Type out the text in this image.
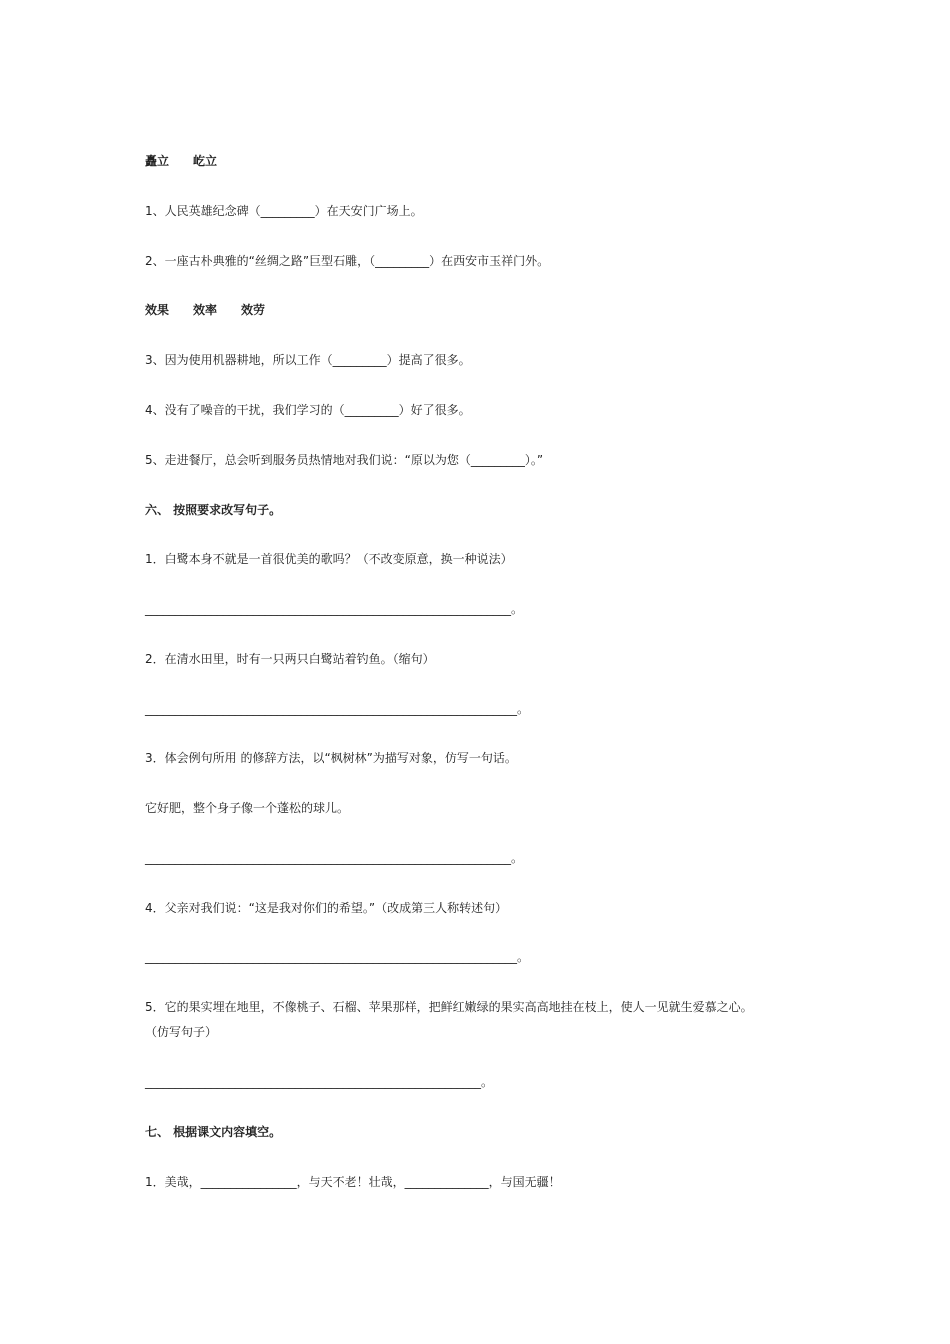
矗立 屹立

1、人民英雄纪念碑（_________）在天安门广场上。

2、一座古朴典雅的“丝绸之路”巨型石雕，（_________）在西安市玉祥门外。

效果 效率 效劳

3、因为使用机器耕地，所以工作（_________）提高了很多。

4、没有了噪音的干扰，我们学习的（_________）好了很多。

5、走进餐厅，总会听到服务员热情地对我们说：“原以为您（_________）。”

六、 按照要求改写句子。

1．白鹭本身不就是一首很优美的歌吗？（不改变原意，换一种说法）

_____________________________________________________________。

2．在清水田里，时有一只两只白鹭站着钓鱼。（缩句）

______________________________________________________________。

3．体会例句所用 的修辞方法，以“枫树林”为描写对象，仿写一句话。

它好肥，整个身子像一个蓬松的球儿。

_____________________________________________________________。

4．父亲对我们说：“这是我对你们的希望。”（改成第三人称转述句）

______________________________________________________________。

5．它的果实埋在地里，不像桃子、石榴、苹果那样，把鲜红嫩绿的果实高高地挂在枝上，使人一见就生爱慕之心。

（仿写句子）

________________________________________________________。

七、 根据课文内容填空。

1．美哉，________________，与天不老！壮哉，______________，与国无疆！
